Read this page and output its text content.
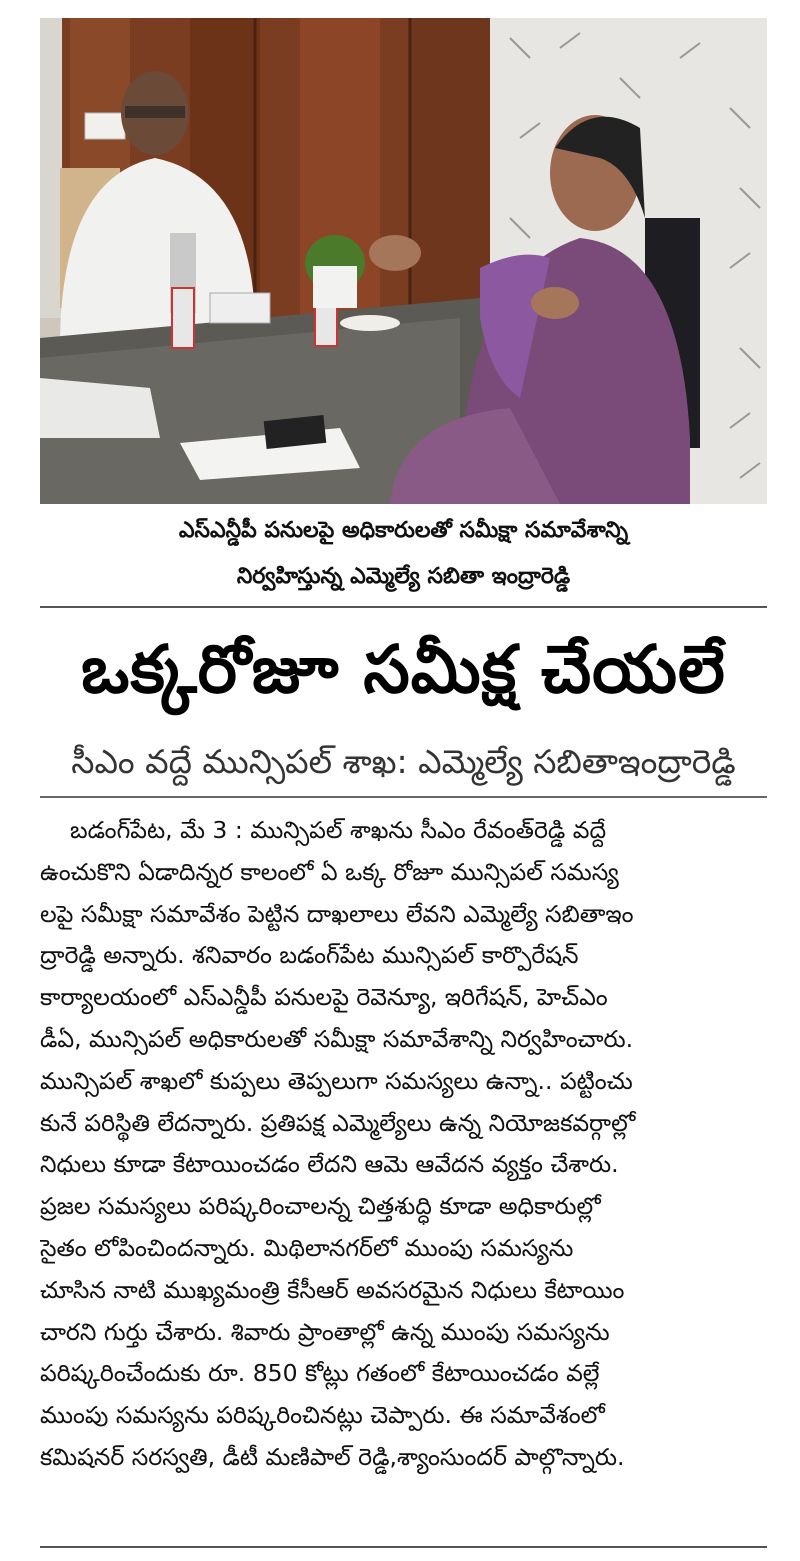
ఎస్ఎన్డీపీ పనులపై అధికారులతో సమీక్షా సమావేశాన్ని
నిర్వహిస్తున్న ఎమ్మెల్యే సబితా ఇంద్రారెడ్డి
ఒక్కరోజూ సమీక్ష చేయలే
సీఎం వద్దే మున్సిపల్ శాఖ: ఎమ్మెల్యే సబితాఇంద్రారెడ్డి
బడంగ్‌పేట, మే 3 : మున్సిపల్ శాఖను సీఎం రేవంత్‌రెడ్డి వద్దే
ఉంచుకొని ఏడాదిన్నర కాలంలో ఏ ఒక్క రోజూ మున్సిపల్ సమస్య
లపై సమీక్షా సమావేశం పెట్టిన దాఖలాలు లేవని ఎమ్మెల్యే సబితాఇం
ద్రారెడ్డి అన్నారు. శనివారం బడంగ్‌పేట మున్సిపల్ కార్పొరేషన్
కార్యాలయంలో ఎస్ఎన్డీపీ పనులపై రెవెన్యూ, ఇరిగేషన్, హెచ్ఎం
డీఏ, మున్సిపల్ అధికారులతో సమీక్షా సమావేశాన్ని నిర్వహించారు.
మున్సిపల్ శాఖలో కుప్పలు తెప్పలుగా సమస్యలు ఉన్నా.. పట్టించు
కునే పరిస్థితి లేదన్నారు. ప్రతిపక్ష ఎమ్మెల్యేలు ఉన్న నియోజకవర్గాల్లో
నిధులు కూడా కేటాయించడం లేదని ఆమె ఆవేదన వ్యక్తం చేశారు.
ప్రజల సమస్యలు పరిష్కరించాలన్న చిత్తశుద్ధి కూడా అధికారుల్లో
సైతం లోపించిందన్నారు. మిథిలానగర్‌లో ముంపు సమస్యను
చూసిన నాటి ముఖ్యమంత్రి కేసీఆర్ అవసరమైన నిధులు కేటాయిం
చారని గుర్తు చేశారు. శివారు ప్రాంతాల్లో ఉన్న ముంపు సమస్యను
పరిష్కరించేందుకు రూ. 850 కోట్లు గతంలో కేటాయించడం వల్లే
ముంపు సమస్యను పరిష్కరించినట్లు చెప్పారు. ఈ సమావేశంలో
కమిషనర్ సరస్వతి, డీటీ మణిపాల్ రెడ్డి,శ్యాంసుందర్ పాల్గొన్నారు.
